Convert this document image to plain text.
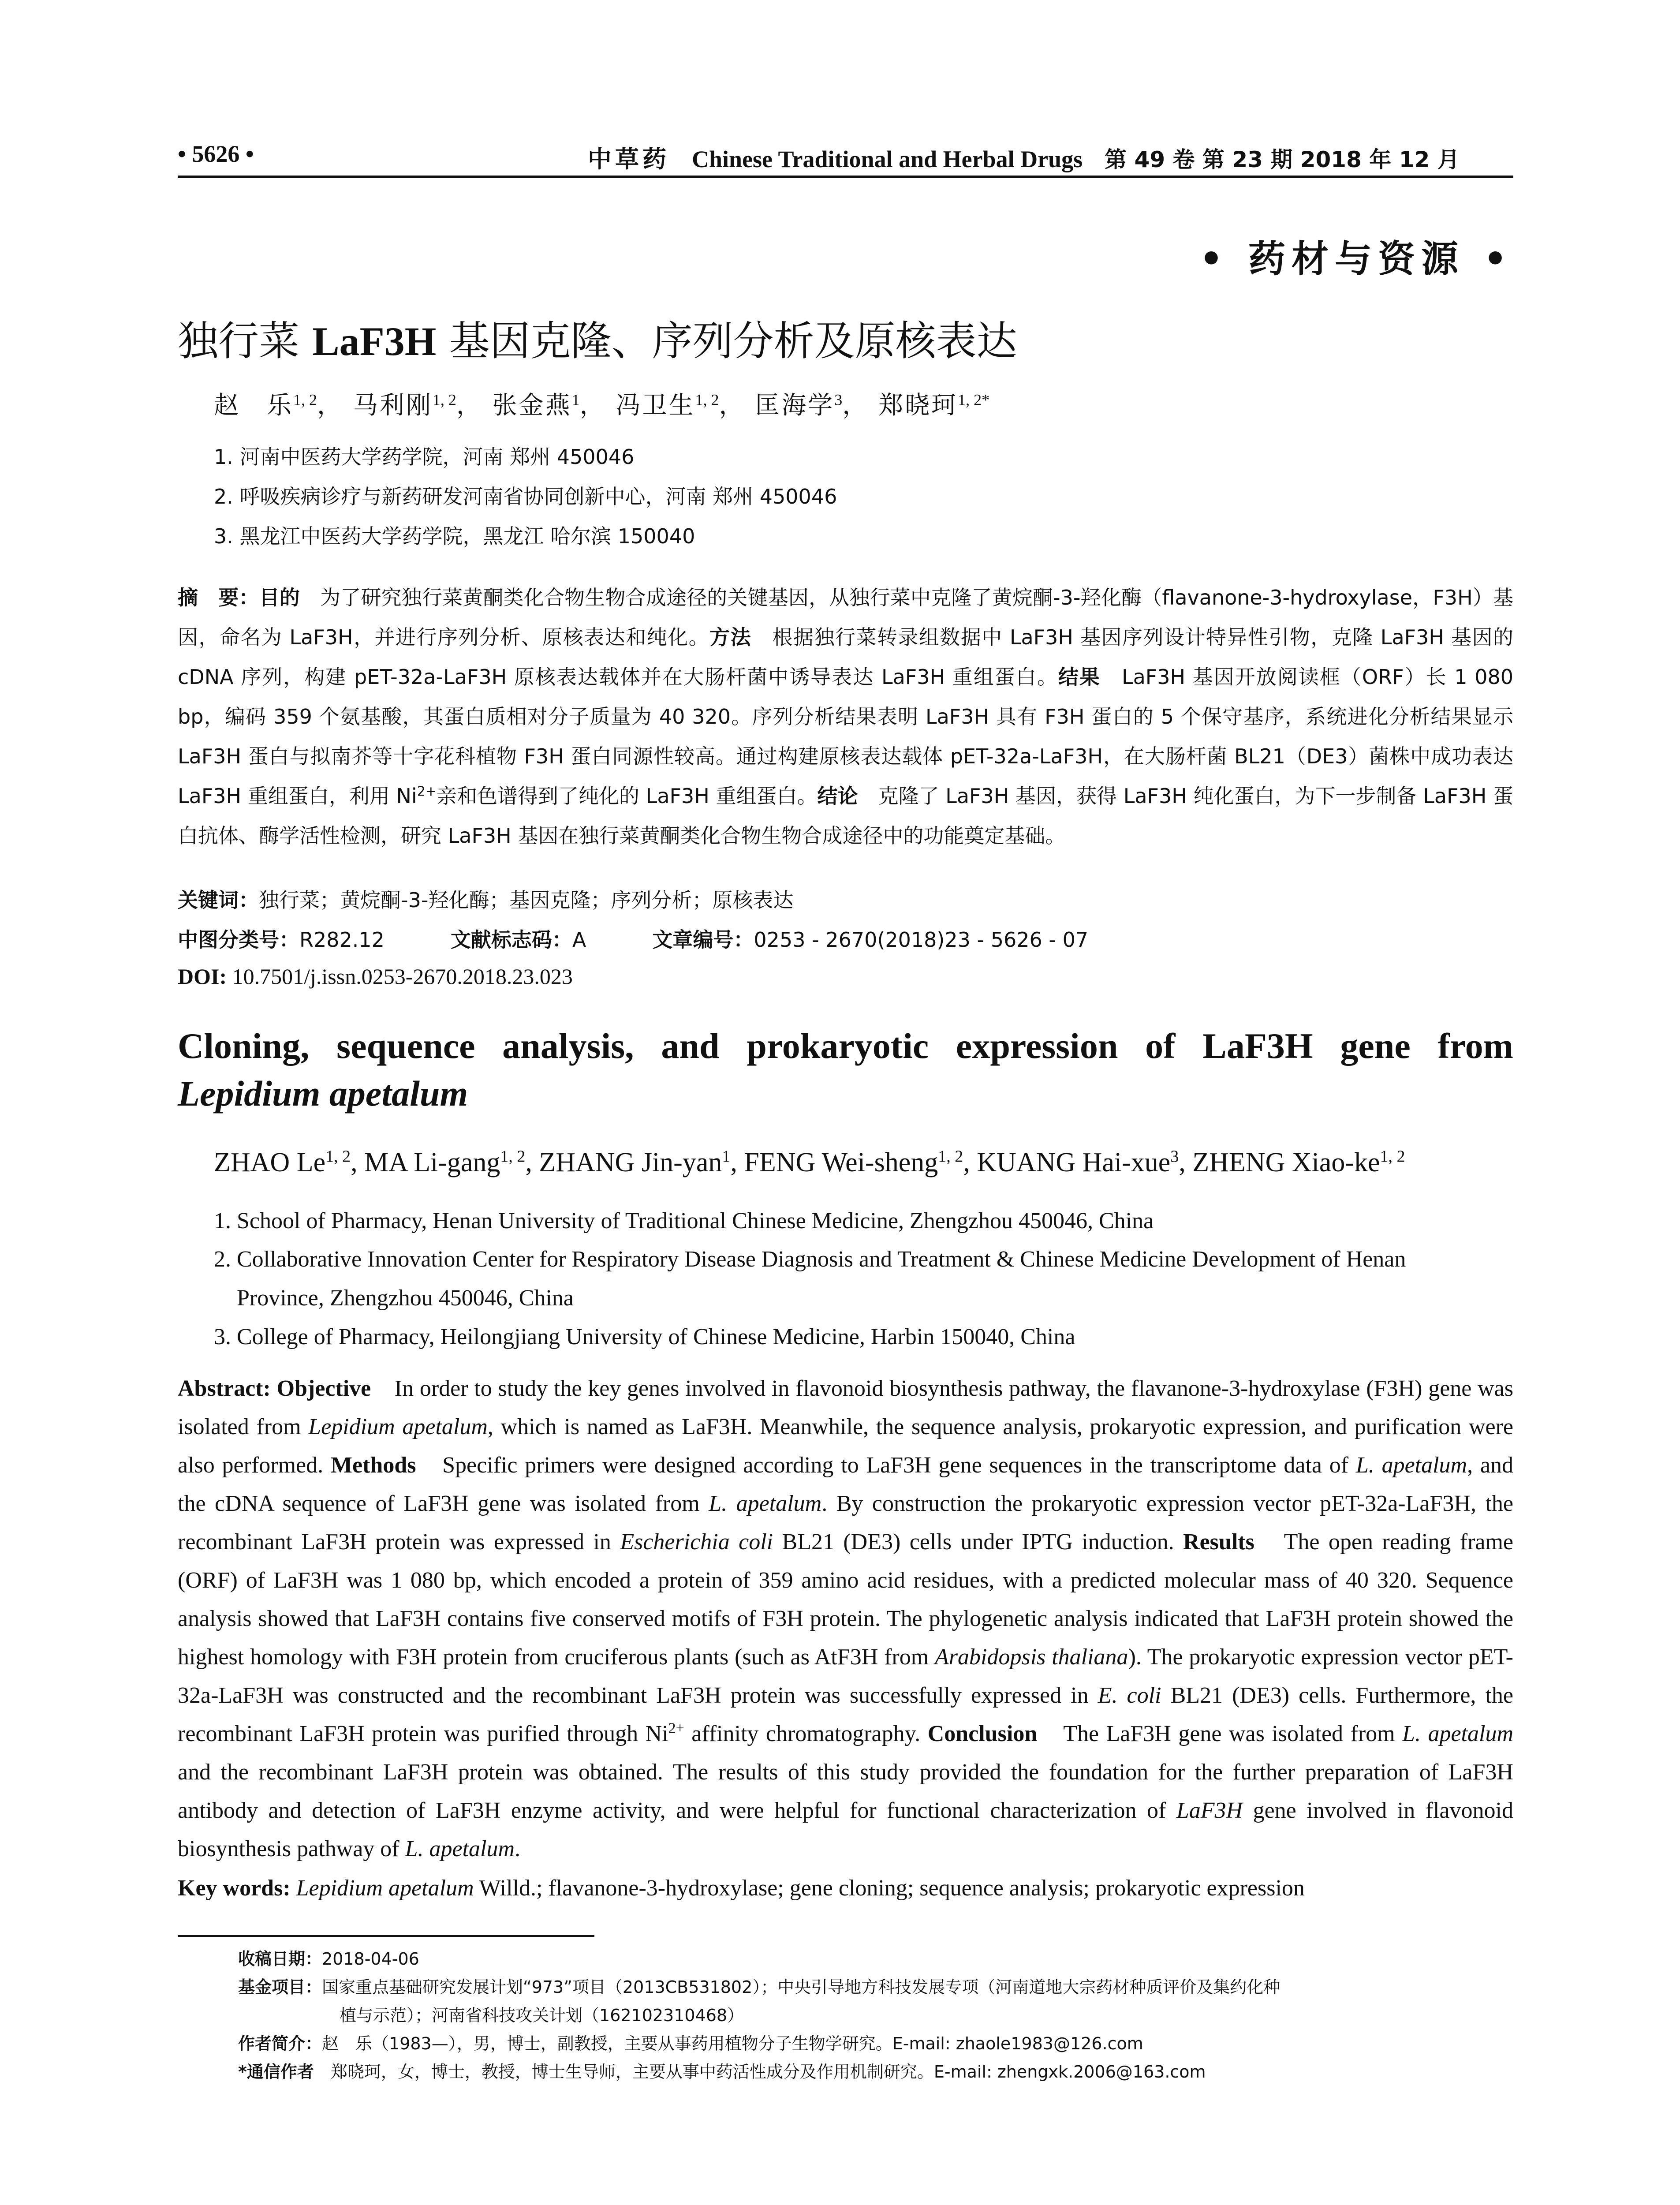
• 5626 •	中草药 Chinese Traditional and Herbal Drugs 第 49 卷 第 23 期 2018 年 12 月
• 药材与资源 •
独行菜 LaF3H 基因克隆、序列分析及原核表达
赵　乐$^{1, 2}$， 马利刚$^{1, 2}$， 张金燕$^1$， 冯卫生$^{1, 2}$， 匡海学$^3$， 郑晓珂$^{1, 2*}$
1. 河南中医药大学药学院，河南 郑州 450046
2. 呼吸疾病诊疗与新药研发河南省协同创新中心，河南 郑州 450046
3. 黑龙江中医药大学药学院，黑龙江 哈尔滨 150040
摘　要：目的　为了研究独行菜黄酮类化合物生物合成途径的关键基因，从独行菜中克隆了黄烷酮-3-羟化酶（flavanone-3-hydroxylase，F3H）基因，命名为 LaF3H，并进行序列分析、原核表达和纯化。方法　根据独行菜转录组数据中 LaF3H 基因序列设计特异性引物，克隆 LaF3H 基因的 cDNA 序列，构建 pET-32a-LaF3H 原核表达载体并在大肠杆菌中诱导表达 LaF3H 重组蛋白。结果　LaF3H 基因开放阅读框（ORF）长 1 080 bp，编码 359 个氨基酸，其蛋白质相对分子质量为 40 320。序列分析结果表明 LaF3H 具有 F3H 蛋白的 5 个保守基序，系统进化分析结果显示 LaF3H 蛋白与拟南芥等十字花科植物 F3H 蛋白同源性较高。通过构建原核表达载体 pET-32a-LaF3H，在大肠杆菌 BL21（DE3）菌株中成功表达 LaF3H 重组蛋白，利用 $Ni^{2+}$亲和色谱得到了纯化的 LaF3H 重组蛋白。结论　克隆了 LaF3H 基因，获得 LaF3H 纯化蛋白，为下一步制备 LaF3H 蛋白抗体、酶学活性检测，研究 LaF3H 基因在独行菜黄酮类化合物生物合成途径中的功能奠定基础。
关键词：独行菜；黄烷酮-3-羟化酶；基因克隆；序列分析；原核表达
中图分类号：R282.12	文献标志码：A	文章编号：0253 - 2670(2018)23 - 5626 - 07
DOI: 10.7501/j.issn.0253-2670.2018.23.023
Cloning, sequence analysis, and prokaryotic expression of LaF3H gene from
Lepidium apetalum
ZHAO Le$^{1, 2}$, MA Li-gang$^{1, 2}$, ZHANG Jin-yan$^1$, FENG Wei-sheng$^{1, 2}$, KUANG Hai-xue$^3$, ZHENG Xiao-ke$^{1, 2}$
1. School of Pharmacy, Henan University of Traditional Chinese Medicine, Zhengzhou 450046, China
2. Collaborative Innovation Center for Respiratory Disease Diagnosis and Treatment & Chinese Medicine Development of Henan
Province, Zhengzhou 450046, China
3. College of Pharmacy, Heilongjiang University of Chinese Medicine, Harbin 150040, China
Abstract: Objective　In order to study the key genes involved in flavonoid biosynthesis pathway, the flavanone-3-hydroxylase (F3H) gene was isolated from Lepidium apetalum, which is named as LaF3H. Meanwhile, the sequence analysis, prokaryotic expression, and purification were also performed. Methods　Specific primers were designed according to LaF3H gene sequences in the transcriptome data of L. apetalum, and the cDNA sequence of LaF3H gene was isolated from L. apetalum. By construction the prokaryotic expression vector pET-32a-LaF3H, the recombinant LaF3H protein was expressed in Escherichia coli BL21 (DE3) cells under IPTG induction. Results　The open reading frame (ORF) of LaF3H was 1 080 bp, which encoded a protein of 359 amino acid residues, with a predicted molecular mass of 40 320. Sequence analysis showed that LaF3H contains five conserved motifs of F3H protein. The phylogenetic analysis indicated that LaF3H protein showed the highest homology with F3H protein from cruciferous plants (such as AtF3H from Arabidopsis thaliana). The prokaryotic expression vector pET-32a-LaF3H was constructed and the recombinant LaF3H protein was successfully expressed in E. coli BL21 (DE3) cells. Furthermore, the recombinant LaF3H protein was purified through $Ni^{2+}$ affinity chromatography. Conclusion　The LaF3H gene was isolated from L. apetalum and the recombinant LaF3H protein was obtained. The results of this study provided the foundation for the further preparation of LaF3H antibody and detection of LaF3H enzyme activity, and were helpful for functional characterization of LaF3H gene involved in flavonoid biosynthesis pathway of L. apetalum.
Key words: Lepidium apetalum Willd.; flavanone-3-hydroxylase; gene cloning; sequence analysis; prokaryotic expression
收稿日期：2018-04-06
基金项目：国家重点基础研究发展计划“973”项目（2013CB531802）；中央引导地方科技发展专项（河南道地大宗药材种质评价及集约化种
植与示范）；河南省科技攻关计划（162102310468）
作者简介：赵　乐（1983—），男，博士，副教授，主要从事药用植物分子生物学研究。E-mail: zhaole1983@126.com
*通信作者　郑晓珂，女，博士，教授，博士生导师，主要从事中药活性成分及作用机制研究。E-mail: zhengxk.2006@163.com
